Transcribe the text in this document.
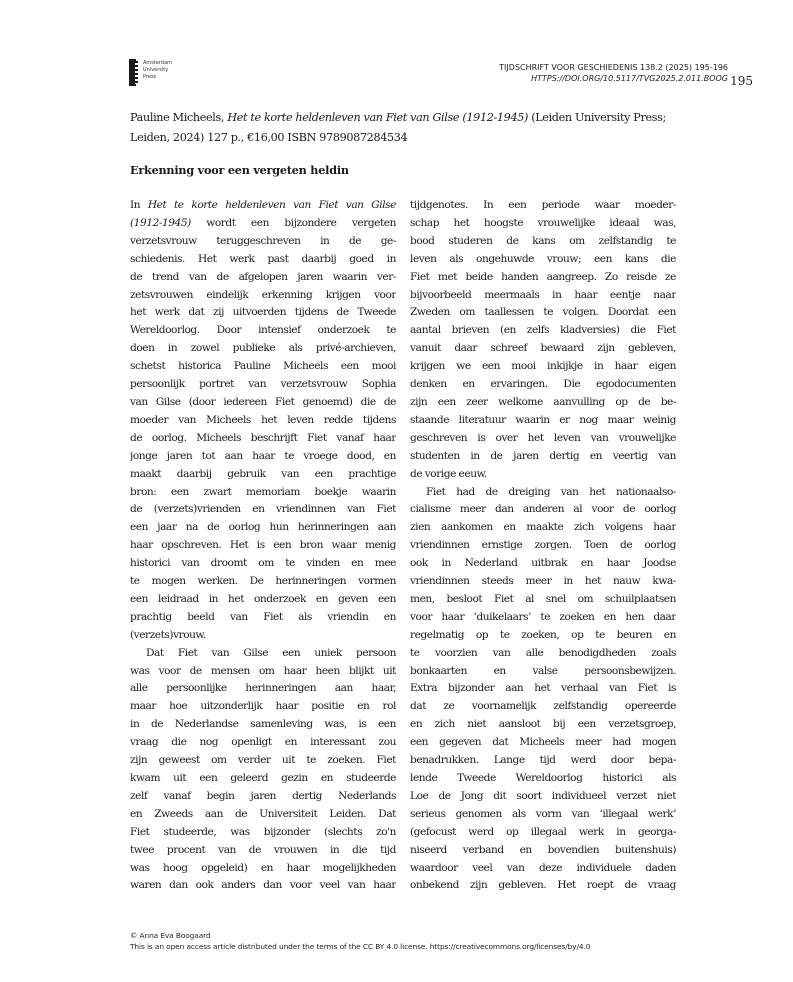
Amsterdam
University
Press
TIJDSCHRIFT VOOR GESCHIEDENIS 138.2 (2025) 195-196
HTTPS://DOI.ORG/10.5117/TVG2025.2.011.BOOG 195
Pauline Micheels, Het te korte heldenleven van Fiet van Gilse (1912-1945) (Leiden University Press; Leiden, 2024) 127 p., €16,00 ISBN 9789087284534
Erkenning voor een vergeten heldin
In Het te korte heldenleven van Fiet van Gilse
(1912-1945) wordt een bijzondere vergeten
verzetsvrouw teruggeschreven in de ge-
schiedenis. Het werk past daarbij goed in
de trend van de afgelopen jaren waarin ver-
zetsvrouwen eindelijk erkenning krijgen voor
het werk dat zij uitvoerden tijdens de Tweede
Wereldoorlog. Door intensief onderzoek te
doen in zowel publieke als privé-archieven,
schetst historica Pauline Micheels een mooi
persoonlijk portret van verzetsvrouw Sophia
van Gilse (door iedereen Fiet genoemd) die de
moeder van Micheels het leven redde tijdens
de oorlog. Micheels beschrijft Fiet vanaf haar
jonge jaren tot aan haar te vroege dood, en
maakt daarbij gebruik van een prachtige
bron: een zwart memoriam boekje waarin
de (verzets)vrienden en vriendinnen van Fiet
een jaar na de oorlog hun herinneringen aan
haar opschreven. Het is een bron waar menig
historici van droomt om te vinden en mee
te mogen werken. De herinneringen vormen
een leidraad in het onderzoek en geven een
prachtig beeld van Fiet als vriendin en
(verzets)vrouw.
Dat Fiet van Gilse een uniek persoon
was voor de mensen om haar heen blijkt uit
alle persoonlijke herinneringen aan haar,
maar hoe uitzonderlijk haar positie en rol
in de Nederlandse samenleving was, is een
vraag die nog openligt en interessant zou
zijn geweest om verder uit te zoeken. Fiet
kwam uit een geleerd gezin en studeerde
zelf vanaf begin jaren dertig Nederlands
en Zweeds aan de Universiteit Leiden. Dat
Fiet studeerde, was bijzonder (slechts zo'n
twee procent van de vrouwen in die tijd
was hoog opgeleid) en haar mogelijkheden
waren dan ook anders dan voor veel van haar
tijdgenotes. In een periode waar moeder-
schap het hoogste vrouwelijke ideaal was,
bood studeren de kans om zelfstandig te
leven als ongehuwde vrouw; een kans die
Fiet met beide handen aangreep. Zo reisde ze
bijvoorbeeld meermaals in haar eentje naar
Zweden om taallessen te volgen. Doordat een
aantal brieven (en zelfs kladversies) die Fiet
vanuit daar schreef bewaard zijn gebleven,
krijgen we een mooi inkijkje in haar eigen
denken en ervaringen. Die egodocumenten
zijn een zeer welkome aanvulling op de be-
staande literatuur waarin er nog maar weinig
geschreven is over het leven van vrouwelijke
studenten in de jaren dertig en veertig van
de vorige eeuw.
Fiet had de dreiging van het nationaalso-
cialisme meer dan anderen al voor de oorlog
zien aankomen en maakte zich volgens haar
vriendinnen ernstige zorgen. Toen de oorlog
ook in Nederland uitbrak en haar Joodse
vriendinnen steeds meer in het nauw kwa-
men, besloot Fiet al snel om schuilplaatsen
voor haar ‘duikelaars’ te zoeken en hen daar
regelmatig op te zoeken, op te beuren en
te voorzien van alle benodigdheden zoals
bonkaarten en valse persoonsbewijzen.
Extra bijzonder aan het verhaal van Fiet is
dat ze voornamelijk zelfstandig opereerde
en zich niet aansloot bij een verzetsgroep,
een gegeven dat Micheels meer had mogen
benadrukken. Lange tijd werd door bepa-
lende Tweede Wereldoorlog historici als
Loe de Jong dit soort individueel verzet niet
serieus genomen als vorm van ‘illegaal werk’
(gefocust werd op illegaal werk in georga-
niseerd verband en bovendien buitenshuis)
waardoor veel van deze individuele daden
onbekend zijn gebleven. Het roept de vraag
© Anna Eva Boogaard
This is an open access article distributed under the terms of the CC BY 4.0 license. https://creativecommons.org/licenses/by/4.0
